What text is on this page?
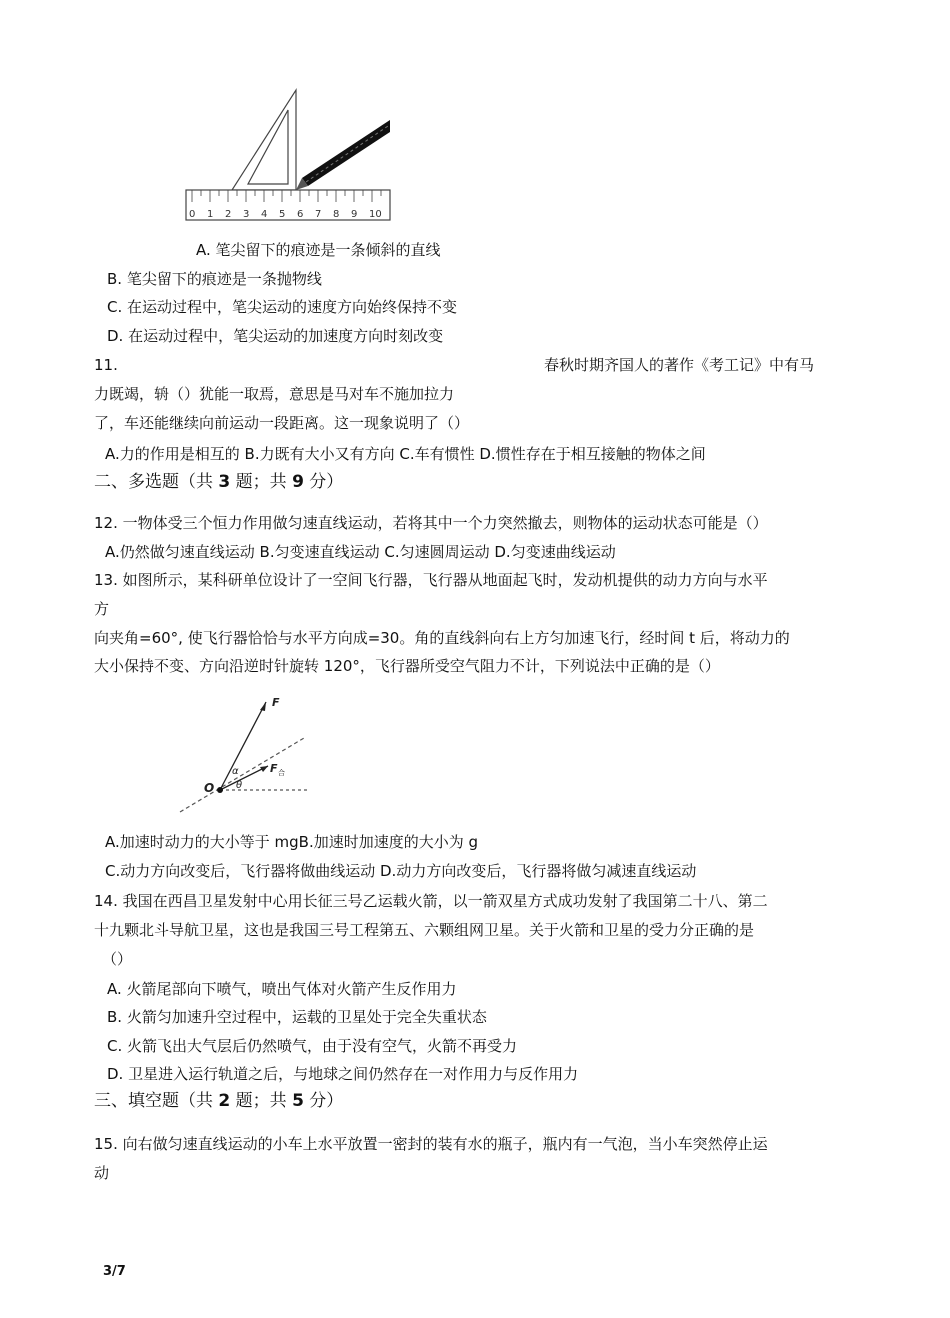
0 1 2 3 4 5 6 7 8 9 10
A. 笔尖留下的痕迹是一条倾斜的直线
B. 笔尖留下的痕迹是一条抛物线
C. 在运动过程中，笔尖运动的速度方向始终保持不变
D. 在运动过程中，笔尖运动的加速度方向时刻改变
11.	春秋时期齐国人的著作《考工记》中有马
力既竭，辀（）犹能一取焉，意思是马对车不施加拉力
了，车还能继续向前运动一段距离。这一现象说明了（）
A.力的作用是相互的 B.力既有大小又有方向 C.车有惯性 D.惯性存在于相互接触的物体之间
二、多选题（共 3 题；共 9 分）
12. 一物体受三个恒力作用做匀速直线运动，若将其中一个力突然撤去，则物体的运动状态可能是（）
A.仍然做匀速直线运动 B.匀变速直线运动 C.匀速圆周运动 D.匀变速曲线运动
13. 如图所示，某科研单位设计了一空间飞行器，飞行器从地面起飞时，发动机提供的动力方向与水平
方
向夹角=60°, 使飞行器恰恰与水平方向成=30。角的直线斜向右上方匀加速飞行，经时间 t 后，将动力的
大小保持不变、方向沿逆时针旋转 120°，飞行器所受空气阻力不计，下列说法中正确的是（）
F
F 合
α
θ
O
A.加速时动力的大小等于 mgB.加速时加速度的大小为 g
C.动力方向改变后，飞行器将做曲线运动 D.动力方向改变后，飞行器将做匀减速直线运动
14. 我国在西昌卫星发射中心用长征三号乙运载火箭，以一箭双星方式成功发射了我国第二十八、第二
十九颗北斗导航卫星，这也是我国三号工程第五、六颗组网卫星。关于火箭和卫星的受力分正确的是
（）
A. 火箭尾部向下喷气，喷出气体对火箭产生反作用力
B. 火箭匀加速升空过程中，运载的卫星处于完全失重状态
C. 火箭飞出大气层后仍然喷气，由于没有空气，火箭不再受力
D. 卫星进入运行轨道之后，与地球之间仍然存在一对作用力与反作用力
三、填空题（共 2 题；共 5 分）
15. 向右做匀速直线运动的小车上水平放置一密封的装有水的瓶子，瓶内有一气泡，当小车突然停止运
动
3/7
